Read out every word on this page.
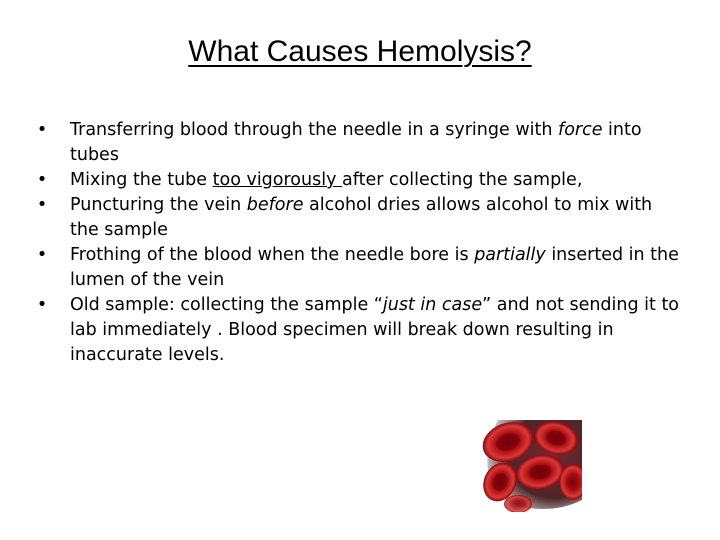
What Causes Hemolysis?
• Transferring blood through the needle in a syringe with force into tubes
• Mixing the tube too vigorously after collecting the sample,
• Puncturing the vein before alcohol dries allows alcohol to mix with the sample
• Frothing of the blood when the needle bore is partially inserted in the lumen of the vein
• Old sample: collecting the sample “just in case” and not sending it to lab immediately . Blood specimen will break down resulting in inaccurate levels.
